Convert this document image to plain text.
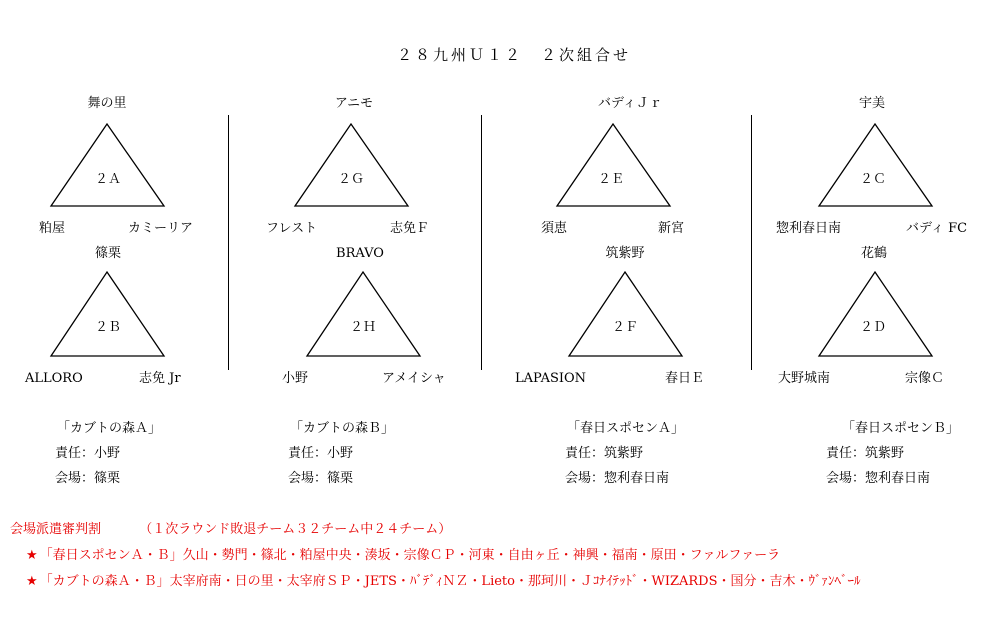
２８九州Ｕ１２　２次組合せ
舞の里
２Ａ
粕屋	カミーリア
篠栗
２Ｂ
ALLORO	志免 Jr
アニモ
２Ｇ
フレスト	志免Ｆ
BRAVO
２Ｈ
小野	アメイシャ
バディＪｒ
２Ｅ
須恵	新宮
筑紫野
２Ｆ
LAPASION	春日Ｅ
宇美
２Ｃ
惣利春日南	バディ FC
花鶴
２Ｄ
大野城南	宗像Ｃ
「カブトの森Ａ」
責任：小野
会場：篠栗
「カブトの森Ｂ」
責任：小野
会場：篠栗
「春日スポセンＡ」
責任：筑紫野
会場：惣利春日南
「春日スポセンＢ」
責任：筑紫野
会場：惣利春日南
会場派遣審判割	（１次ラウンド敗退チーム３２チーム中２４チーム）
★ 「春日スポセンＡ・Ｂ」久山・勢門・篠北・粕屋中央・湊坂・宗像ＣＰ・河東・自由ヶ丘・神興・福南・原田・ファルファーラ
★ 「カブトの森Ａ・Ｂ」太宰府南・日の里・太宰府ＳＰ・JETS・ﾊﾞﾃﾞｨＮＺ・Lieto・那珂川・Ｊｺﾅｲﾃｯﾄﾞ・WIZARDS・国分・吉木・ｳﾞｧﾝﾍﾞｰﾙ
